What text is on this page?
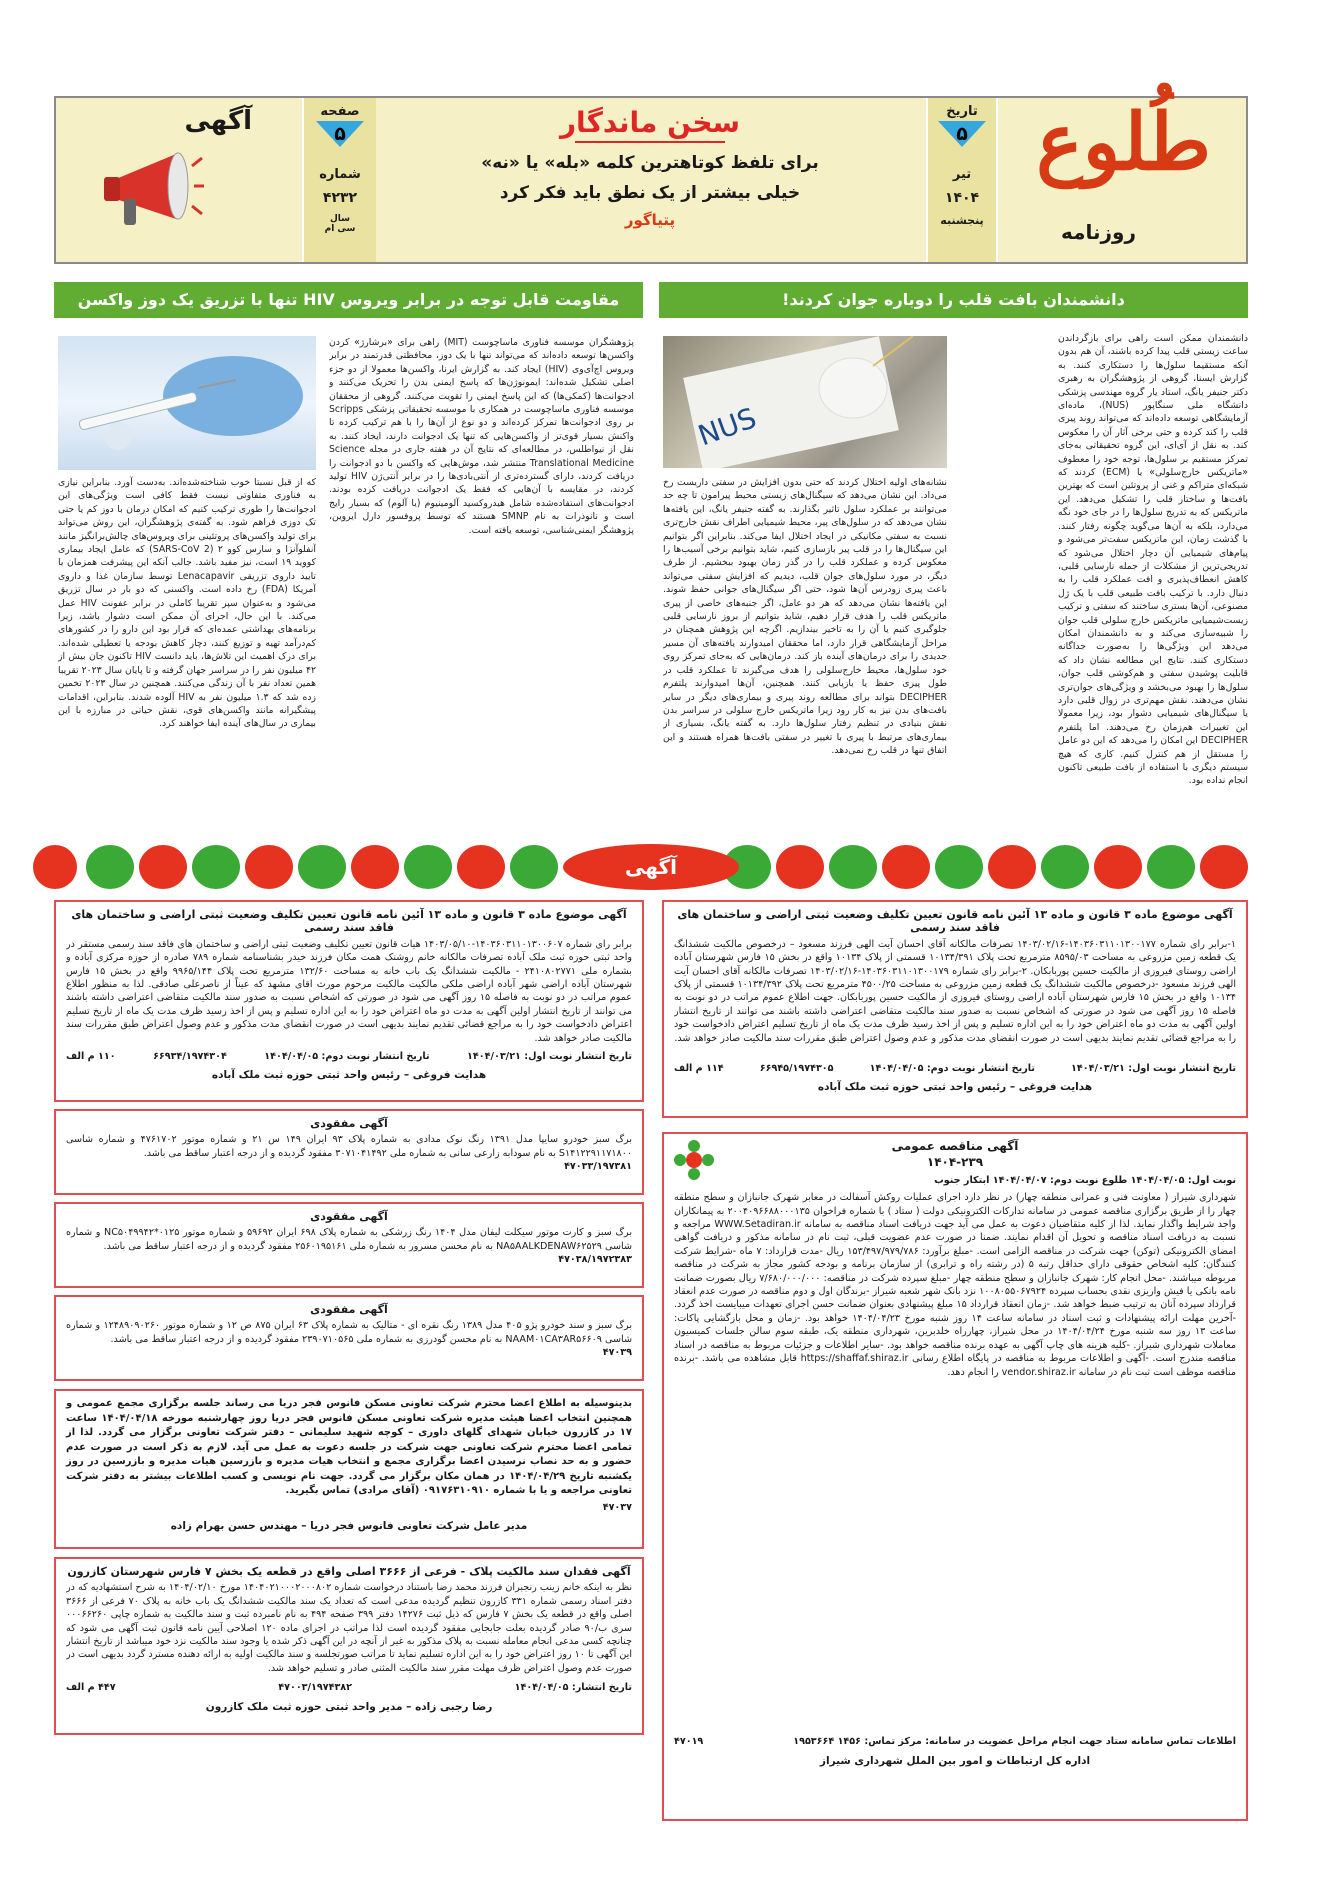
طُلوع
روزنامه
تاریخ
۵
تیر
۱۴۰۴
پنجشنبه
سخن ماندگار
برای تلفظ کوتاهترین کلمه «بله» یا «نه»
خیلی بیشتر از یک نطق باید فکر کرد
پتیاگور
صفحه
۵
شماره
۴۲۳۲
سال
سی ام
آگهی
دانشمندان بافت قلب را دوباره جوان کردند!
مقاومت قابل توجه در برابر ویروس HIV تنها با تزریق یک دوز واکسن
دانشمندان ممکن است راهی برای بازگرداندن ساعت زیستی قلب پیدا کرده باشند، آن هم بدون آنکه مستقیما سلول‌ها را دستکاری کنند. به گزارش ایسنا، گروهی از پژوهشگران به رهبری دکتر جنیفر یانگ، استاد یار گروه مهندسی پزشکی دانشگاه ملی سنگاپور (NUS)، ماده‌ای آزمایشگاهی توسعه داده‌اند که می‌تواند روند پیری قلب را کند کرده و حتی برخی آثار آن را معکوس کند. به نقل از آی‌ای، این گروه تحقیقاتی به‌جای تمرکز مستقیم بر سلول‌ها، توجه خود را معطوف «ماتریکس خارج‌سلولی» یا (ECM) کردند که شبکه‌ای متراکم و غنی از پروتئین است که بهترین بافت‌ها و ساختار قلب را تشکیل می‌دهد. این ماتریکس که به تدریج سلول‌ها را در جای خود نگه می‌دارد، بلکه به آن‌ها می‌گوید چگونه رفتار کنند. با گذشت زمان، این ماتریکس سفت‌تر می‌شود و پیام‌های شیمیایی آن دچار اختلال می‌شود که تدریجی‌ترین از مشکلات از جمله نارسایی قلبی، کاهش انعطاف‌پذیری و افت عملکرد قلب را به دنبال دارد. با ترکیب بافت طبیعی قلب با یک ژل مصنوعی، آن‌ها بستری ساختند که سفتی و ترکیب زیست‌شیمیایی ماتریکس خارج سلولی قلب جوان را شبیه‌سازی می‌کند و به دانشمندان امکان می‌دهد این ویژگی‌ها را به‌صورت جداگانه دستکاری کنند. نتایج این مطالعه نشان داد که قابلیت پوشیدن سفتی و هم‌کوشی قلب جوان، سلول‌ها را بهبود می‌بخشد و ویژگی‌های جوان‌تری نشان می‌دهند. نقش مهم‌تری در زوال قلبی دارد یا سیگنال‌های شیمیایی دشوار بود، زیرا معمولا این تغییرات هم‌زمان رخ می‌دهند. اما پلتفرم DECIPHER این امکان را می‌دهد که این دو عامل را مستقل از هم کنترل کنیم. کاری که هیچ سیستم دیگری با استفاده از بافت طبیعی تاکنون انجام نداده بود.
NUS
نشانه‌های اولیه اختلال کردند که حتی بدون افزایش در سفتی داریست رخ می‌داد. این نشان می‌دهد که سیگنال‌های زیستی محیط پیرامون تا چه حد می‌توانند بر عملکرد سلول تاثیر بگذارند. به گفته جنیفر یانگ، این یافته‌ها نشان می‌دهد که در سلول‌های پیر، محیط شیمیایی اطراف نقش خارج‌تری نسبت به سفتی مکانیکی در ایجاد اختلال ایفا می‌کند. بنابراین اگر بتوانیم این سیگنال‌ها را در قلب پیر بازسازی کنیم، شاید بتوانیم برخی آسیب‌ها را معکوس کرده و عملکرد قلب را در گذر زمان بهبود ببخشیم. از طرف دیگر، در مورد سلول‌های جوان قلب، دیدیم که افزایش سفتی می‌تواند باعث پیری زودرس آن‌ها شود، حتی اگر سیگنال‌های جوانی حفظ شوند. این یافته‌ها نشان می‌دهد که هر دو عامل، اگر جنبه‌های خاصی از پیری ماتریکس قلب را هدف قرار دهیم، شاید بتوانیم از بروز نارسایی قلبی جلوگیری کنیم یا آن را به تاخیر بیندازیم. اگرچه این پژوهش همچنان در مراحل آزمایشگاهی قرار دارد، اما محققان امیدوارند یافته‌های آن مسیر جدیدی را برای درمان‌های آینده باز کند. درمان‌هایی که به‌جای تمرکز روی خود سلول‌ها، محیط خارج‌سلولی را هدف می‌گیرند تا عملکرد قلب در طول پیری حفظ یا بازیابی کنند. همچنین، آن‌ها امیدوارند پلتفرم DECIPHER بتواند برای مطالعه روند پیری و بیماری‌های دیگر در سایر بافت‌های بدن نیز به کار رود زیرا ماتریکس خارج سلولی در سراسر بدن نقش بنیادی در تنظیم رفتار سلول‌ها دارد. به گفته یانگ، بسیاری از بیماری‌های مرتبط با پیری با تغییر در سفتی بافت‌ها همراه هستند و این اتفاق تنها در قلب رخ نمی‌دهد.
پژوهشگران موسسه فناوری ماساچوست (MIT) راهی برای «برشارژ» کردن واکسن‌ها توسعه داده‌اند که می‌تواند تنها با یک دوز، محافظتی قدرتمند در برابر ویروس اچ‌آی‌وی (HIV) ایجاد کند. به گزارش ایرنا، واکسن‌ها معمولا از دو جزء اصلی تشکیل شده‌اند: ایمونوژن‌ها که پاسخ ایمنی بدن را تحریک می‌کنند و ادجوانت‌ها (کمکی‌ها) که این پاسخ ایمنی را تقویت می‌کنند. گروهی از محققان موسسه فناوری ماساچوست در همکاری با موسسه تحقیقاتی پزشکی Scripps بر روی ادجوانت‌ها تمرکز کرده‌اند و دو نوع از آن‌ها را با هم ترکیب کرده تا واکنش بسیار قوی‌تر از واکسن‌هایی که تنها یک ادجوانت دارند، ایجاد کنند. به نقل از نیواطلس، در مطالعه‌ای که نتایج آن در هفته جاری در مجله Science Translational Medicine منتشر شد، موش‌هایی که واکسن با دو ادجوانت را دریافت کردند، دارای گسترده‌تری از آنتی‌بادی‌ها را در برابر آنتی‌ژن HIV تولید کردند، در مقایسه با آن‌هایی که فقط یک ادجوانت دریافت کرده بودند. ادجوانت‌های استفاده‌شده شامل هیدروکسید آلومینیوم (یا آلوم) که بسیار رایج است و نانوذرات به نام SMNP هستند که توسط پروفسور دارل ایروین، پژوهشگر ایمنی‌شناسی، توسعه یافته است.
که از قبل نسبتا خوب شناخته‌شده‌اند. به‌دست آورد. بنابراین نیازی به فناوری متفاوتی نیست فقط کافی است ویژگی‌های این ادجوانت‌ها را طوری ترکیب کنیم که امکان درمان با دوز کم یا حتی تک دوزی فراهم شود. به گفته‌ی پژوهشگران، این روش می‌تواند برای تولید واکسن‌های پروتئینی برای ویروس‌های چالش‌برانگیز مانند آنفلوآنزا و سارس کوو ۲ (SARS-CoV 2) که عامل ایجاد بیماری کووید ۱۹ است، نیز مفید باشد. جالب آنکه این پیشرفت همزمان با تایید داروی تزریقی Lenacapavir توسط سازمان غذا و داروی آمریکا (FDA) رخ داده است. واکسنی که دو بار در سال تزریق می‌شود و به‌عنوان سپر تقریبا کاملی در برابر عفونت HIV عمل می‌کند. با این حال، اجرای آن ممکن است دشوار باشد، زیرا برنامه‌های بهداشتی عمده‌ای که قرار بود این دارو را در کشورهای کم‌درآمد تهیه و توزیع کنند، دچار کاهش بودجه یا تعطیلی شده‌اند. برای درک اهمیت این تلاش‌ها، باید دانست HIV تاکنون جان بیش از ۴۲ میلیون نفر را در سراسر جهان گرفته و تا پایان سال ۲۰۲۳ تقریبا همین تعداد نفر با آن زندگی می‌کنند. همچنین در سال ۲۰۲۳ تخمین زده شد که ۱.۳ میلیون نفر به HIV آلوده شدند. بنابراین، اقدامات پیشگیرانه مانند واکسن‌های قوی، نقش حیاتی در مبارزه با این بیماری در سال‌های آینده ایفا خواهند کرد.
آگهی
آگهی موضوع ماده ۳ قانون و ماده ۱۳ آئین نامه قانون تعیین تکلیف وضعیت ثبتی اراضی و ساختمان های فاقد سند رسمی
۱-برابر رای شماره ۱۴۰۳۶۰۳۱۱۰۱۳۰۰۱۷۷-۱۴۰۳/۰۲/۱۶ تصرفات مالکانه آقای احسان آیت الهی فرزند مسعود – درخصوص مالکیت ششدانگ یک قطعه زمین مزروعی به مساحت ۸۵۹۵/۰۳ مترمربع تحت پلاک ۱۰۱۳۴/۳۹۱ قسمتی از پلاک ۱۰۱۳۴ واقع در بخش ۱۵ فارس شهرستان آباده اراضی روستای فیروزی از مالکیت حسین پوربابکان. ۲-برابر رای شماره ۱۴۰۳۶۰۳۱۱۰۱۳۰۰۱۷۹-۱۴۰۳/۰۲/۱۶ تصرفات مالکانه آقای احسان آیت الهی فرزند مسعود -درخصوص مالکیت ششدانگ یک قطعه زمین مزروعی به مساحت ۴۵۰۰/۲۵ مترمربع تحت پلاک ۱۰۱۳۴/۳۹۲ قسمتی از پلاک ۱۰۱۳۴ واقع در بخش ۱۵ فارس شهرستان آباده اراضی روستای فیروزی از مالکیت حسین پوربابکان. جهت اطلاع عموم مراتب در دو نوبت به فاصله ۱۵ روز آگهی می شود در صورتی که اشخاص نسبت به صدور سند مالکیت متقاضی اعتراضی داشته باشند می توانند از تاریخ انتشار اولین آگهی به مدت دو ماه اعتراض خود را به این اداره تسلیم و پس از اخذ رسید ظرف مدت یک ماه از تاریخ تسلیم اعتراض دادخواست خود را به مراجع قضائی تقدیم نمایند بدیهی است در صورت انقضای مدت مذکور و عدم وصول اعتراض طبق مقررات سند مالکیت صادر خواهد شد.
تاریخ انتشار نوبت اول: ۱۴۰۴/۰۳/۲۱
تاریخ انتشار نوبت دوم: ۱۴۰۴/۰۴/۰۵
۶۶۹۴۵/۱۹۷۴۳۰۵
۱۱۴ م الف
هدایت فروغی – رئیس واحد ثبتی حوزه ثبت ملک آباده
آگهی مناقصه عمومی
۱۴۰۴-۲۳۹
نوبت اول: ۱۴۰۴/۰۴/۰۵ طلوع نوبت دوم: ۱۴۰۴/۰۴/۰۷ ابتکار جنوب
شهرداری شیراز ( معاونت فنی و عمرانی منطقه چهار) در نظر دارد اجرای عملیات روکش آسفالت در معابر شهرک جانبازان و سطح منطقه چهار را از طریق برگزاری مناقصه عمومی در سامانه تدارکات الکترونیکی دولت ( ستاد ) با شماره فراخوان ۲۰۰۴۰۹۶۶۸۸۰۰۰۱۳۵ به پیمانکاران واجد شرایط واگذار نماید. لذا از کلیه متقاضیان دعوت به عمل می آید جهت دریافت اسناد مناقصه به سامانه WWW.Setadiran.ir مراجعه و نسبت به دریافت اسناد مناقصه و تحویل آن اقدام نمایند. ضمنا در صورت عدم عضویت قبلی، ثبت نام در سامانه مذکور و دریافت گواهی امضای الکترونیکی (توکن) جهت شرکت در مناقصه الزامی است. -مبلغ برآورد: ۱۵۳/۴۹۷/۹۷۹/۷۸۶ ریال -مدت قرارداد: ۷ ماه -شرایط شرکت کنندگان: کلیه اشخاص حقوقی دارای حداقل رتبه ۵ (در رشته راه و ترابری) از سازمان برنامه و بودجه کشور مجاز به شرکت در مناقصه مربوطه میباشند. -محل انجام کار: شهرک جانبازان و سطح منطقه چهار -مبلغ سپرده شرکت در مناقصه: ۷/۶۸۰/۰۰۰/۰۰۰ ریال بصورت ضمانت نامه بانکی یا فیش واریزی نقدی بحساب سپرده ۱۰۰۸۰۵۵۰۶۷۹۲۴ نزد بانک شهر شعبه شیراز -برندگان اول و دوم مناقصه در صورت عدم انعقاد قرارداد سپرده آنان به ترتیب ضبط خواهد شد. -زمان انعقاد قرارداد ۱۵ مبلغ پیشنهادی بعنوان ضمانت حسن اجرای تعهدات میبایست اخذ گردد. -آخرین مهلت ارائه پیشنهادات و ثبت اسناد در سامانه ساعت ۱۴ روز شنبه مورخ ۱۴۰۴/۰۴/۲۳ خواهد بود. -زمان و محل بازگشایی پاکات: ساعت ۱۳ روز سه شنبه مورخ ۱۴۰۴/۰۴/۲۴ در محل شیراز، چهارراه خلدبرین، شهرداری منطقه یک، طبقه سوم سالن جلسات کمیسیون معاملات شهرداری شیراز. -کلیه هزینه های چاپ آگهی به عهده برنده مناقصه خواهد بود. -سایر اطلاعات و جزئیات مربوط به مناقصه در اسناد مناقصه مندرج است. -آگهی و اطلاعات مربوط به مناقصه در پایگاه اطلاع رسانی https://shaffaf.shiraz.ir قابل مشاهده می باشد. -برنده مناقصه موظف است ثبت نام در سامانه vendor.shiraz.ir را انجام دهد.
اطلاعات تماس سامانه ستاد جهت انجام مراحل عضویت در سامانه: مرکز تماس: ۱۴۵۶ ۱۹۵۳۶۶۴
۴۷۰۱۹
اداره کل ارتباطات و امور بین الملل شهرداری شیراز
آگهی موضوع ماده ۳ قانون و ماده ۱۳ آئین نامه قانون تعیین تکلیف وضعیت ثبتی اراضی و ساختمان های فاقد سند رسمی
برابر رای شماره ۱۴۰۳۶۰۳۱۱۰۱۳۰۰۶۰۷-۱۴۰۳/۰۵/۱۰ هیات قانون تعیین تکلیف وضعیت ثبتی اراضی و ساختمان های فاقد سند رسمی مستقر در واحد ثبتی حوزه ثبت ملک آباده تصرفات مالکانه خانم روشنک همت مکان فرزند حیدر بشناسنامه شماره ۷۸۹ صادره از حوزه مرکزی آباده و بشماره ملی ۲۴۱۰۸۰۲۷۷۱ - مالکیت ششدانگ یک باب خانه به مساحت ۱۳۲/۶۰ مترمربع تحت پلاک ۹۹۶۵/۱۴۴ واقع در بخش ۱۵ فارس شهرستان آباده اراضی شهر آباده اراضی ملکی مالکیت مالکیت مرحوم مورث اقای مشهد که عیناً از ناصرعلی صادقی. لذا به منظور اطلاع عموم مراتب در دو نوبت به فاصله ۱۵ روز آگهی می شود در صورتی که اشخاص نسبت به صدور سند مالکیت متقاضی اعتراضی داشته باشند می توانند از تاریخ انتشار اولین آگهی به مدت دو ماه اعتراض خود را به این اداره تسلیم و پس از اخذ رسید ظرف مدت یک ماه از تاریخ تسلیم اعتراض دادخواست خود را به مراجع قضائی تقدیم نمایند بدیهی است در صورت انقضای مدت مذکور و عدم وصول اعتراض طبق مقررات سند مالکیت صادر خواهد شد.
تاریخ انتشار نوبت اول: ۱۴۰۴/۰۳/۲۱
تاریخ انتشار نوبت دوم: ۱۴۰۴/۰۴/۰۵
۶۶۹۳۴/۱۹۷۴۳۰۴
۱۱۰ م الف
هدایت فروغی – رئیس واحد ثبتی حوزه ثبت ملک آباده
آگهی مفقودی
برگ سبز خودرو سایپا مدل ۱۳۹۱ رنگ نوک مدادی به شماره پلاک ۹۳ ایران ۱۴۹ س ۲۱ و شماره موتور ۴۷۶۱۷۰۲ و شماره شاسی S۱۴۱۲۲۹۱۱۷۱۸۰۰ به نام سودابه زارعی سانی به شماره ملی ۳۰۷۱۰۴۱۴۹۲ مفقود گردیده و از درجه اعتبار ساقط می باشد.
۴۷۰۳۳/۱۹۷۳۸۱
آگهی مفقودی
برگ سبز و کارت موتور سیکلت لیفان مدل ۱۴۰۴ رنگ زرشکی به شماره پلاک ۶۹۸ ایران ۵۹۶۹۲ و شماره موتور NC۵۰۴۹۹۴۲*۰۱۲۵ و شماره شاسی NA۵AALKDENAW۶۲۵۲۹ به نام محسن مسرور به شماره ملی ۲۵۶۰۱۹۵۱۶۱ مفقود گردیده و از درجه اعتبار ساقط می باشد.
۴۷۰۳۸/۱۹۷۲۳۸۳
آگهی مفقودی
برگ سبز و سند خودرو پژو ۴۰۵ مدل ۱۳۸۹ رنگ نقره ای - متالیک به شماره پلاک ۶۳ ایران ۸۷۵ ص ۱۲ و شماره موتور ۱۲۴۸۹۰۹۰۲۶۰ و شماره شاسی NAAM۰۱CA۳AR۵۶۶۰۹ به نام محسن گودرزی به شماره ملی ۲۳۹۰۷۱۰۵۶۵ مفقود گردیده و از درجه اعتبار ساقط می باشد.
۴۷۰۳۹
بدینوسیله به اطلاع اعضا محترم شرکت تعاونی مسکن فانوس فجر دریا می رساند جلسه برگزاری مجمع عمومی و همچنین انتخاب اعضا هیئت مدیره شرکت تعاونی مسکن فانوس فجر دریا روز چهارشنبه مورخه ۱۴۰۴/۰۴/۱۸ ساعت ۱۷ در کازرون خیابان شهدای گلهای داوری – کوچه شهید سلیمانی – دفتر شرکت تعاونی برگزار می گردد. لذا از تمامی اعضا محترم شرکت تعاونی جهت شرکت در جلسه دعوت به عمل می آید. لازم به ذکر است در صورت عدم حضور و به حد نصاب نرسیدن اعضا برگزاری مجمع و انتخاب هیات مدیره و بازرسین هیات مدیره و بازرسین در روز یکشنبه تاریخ ۱۴۰۴/۰۴/۲۹ در همان مکان برگزار می گردد. جهت نام نویسی و کسب اطلاعات بیشتر به دفتر شرکت تعاونی مراجعه و یا با شماره ۰۹۱۷۶۳۱۰۹۱۰ (آقای مرادی) تماس بگیرید.
۴۷۰۳۷
مدیر عامل شرکت تعاونی فانوس فجر دریا – مهندس حسن بهرام زاده
آگهی فقدان سند مالکیت پلاک - فرعی از ۳۶۶۶ اصلی واقع در قطعه یک بخش ۷ فارس شهرستان کازرون
نظر به اینکه خانم زینب رنجبران فرزند محمد رضا باستناد درخواست شماره ۱۴۰۴۰۲۱۰۰۰۲۰۰۰۸۰۲ مورخ ۱۴۰۴/۰۲/۱۰ به شرح استشهادیه که در دفتر اسناد رسمی شماره ۳۳۱ کازرون تنظیم گردیده مدعی است که تعداد یک سند مالکیت ششدانگ یک باب خانه به پلاک ۷۰ فرعی از ۳۶۶۶ اصلی واقع در قطعه یک بخش ۷ فارس که ذیل ثبت ۱۴۲۷۶ دفتر ۳۹۹ صفحه ۴۹۴ به نام نامبرده ثبت و سند مالکیت به شماره چاپی ۰۰۰۶۶۲۶۰ سری ب/۹۰ صادر گردیده بعلت جابجایی مفقود گردیده است لذا مراتب در اجرای ماده ۱۲۰ اصلاحی آیین نامه قانون ثبت آگهی می شود که چنانچه کسی مدعی انجام معامله نسبت به پلاک مذکور به غیر از آنچه در این آگهی ذکر شده یا وجود سند مالکیت نزد خود میباشد از تاریخ انتشار این آگهی تا ۱۰ روز اعتراض خود را به این اداره تسلیم نماید تا مراتب صورتجلسه و سند مالکیت اولیه به ارائه دهنده مسترد گردد بدیهی است در صورت عدم وصول اعتراض ظرف مهلت مقرر سند مالکیت المثنی صادر و تسلیم خواهد شد.
تاریخ انتشار: ۱۴۰۴/۰۴/۰۵
۴۷۰۰۳/۱۹۷۴۳۸۲
۴۴۷ م الف
رضا رجبی زاده – مدیر واحد ثبتی حوزه ثبت ملک کازرون
